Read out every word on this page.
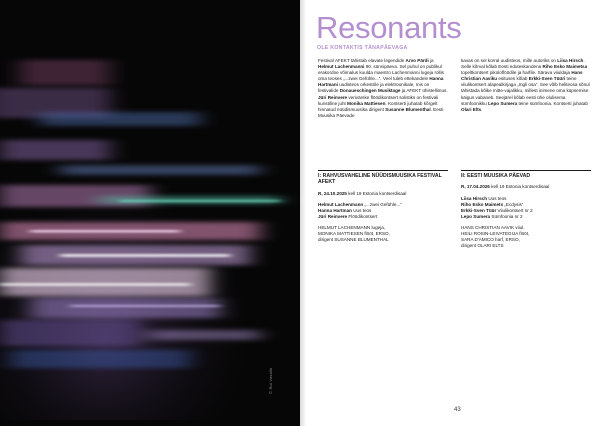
© Rui Vasalik
Resonants
OLE KONTAKTIS TÄNAPÄEVAGA
Festival AFEKT tähistab elavate legendide Arvo Pärdi ja Helmut Lachenmanni 90. sünnipäeva. Sel puhul on publikul erakordne võimalus kuulda maestro Lachenmanni lugeja rollis oma teoses „...zwei Gefühle...”. Veel tuleb ettekandele Hanna Hartmani uudisteos orkestrile ja elektroonikale, mis on festivalide Donaueschingen Musiktage ja AFEKT ühistellimus. Jüri Reinvere verivärske flöödikontsert solistiks on festivali kunstiline juht Monika Mattiesen. Kontserti juhatab kõrgelt hinnatud nüüdismuusika dirigent Susanne Blumenthal. Eesti Muusika Päevade
kavas on sel korral uudisteos, mille autoriks on Liisa Hirsch. Selle kõrval kõlab Eesti eduteskandena Riho Esko Maimetsa topeltkontsert pikoloflöödile ja harfile. Särava viiuldaja Hans Christian Aaviku esituses kõlab Erkki-Sven Tüüri teine viiulikontsert alapealkirjaga „Ingli osa”. See võib heliteosa sõnul tähistada kõike mitte-vajalikku, millest inimene oma küpsemise käigus vabaneb. Seejärel kõlab eesti ühe olulisema sümfoonikku Lepo Sumera teine sümfoonia. Kontserti juhatab Olari Elts.
I: RAHVUSVAHELINE NÜÜDISMUUSIKA FESTIVAL AFEKT
R, 24.10.2025 kell 19 Estonia kontserdisaal
Helmut Lachenmann „...zwei Gefühle...”
Hanna Hartman Uus teos
Jüri Reinvere Flöödikontsert
HELMUT LACHENMANN lugeja,
MONIKA MATTIESEN flööt, ERSO,
dirigent SUSANNE BLUMENTHAL
II: EESTI MUUSIKA PÄEVAD
R, 17.04.2026 kell 19 Estonia kontserdisaal
Liisa Hirsch Uus teos
Riho Esko Maimets „Ecdysis”
Erkki-Sven Tüür Viiulikontsert nr 2
Lepo Sumera Sümfoonia nr 2
HANS CHRISTIAN AAVIK viiul,
HEILI ROSIN-LEIVATEGIJA flööt,
SARA D'AMICO harf, ERSO,
dirigent OLARI ELTS
43
